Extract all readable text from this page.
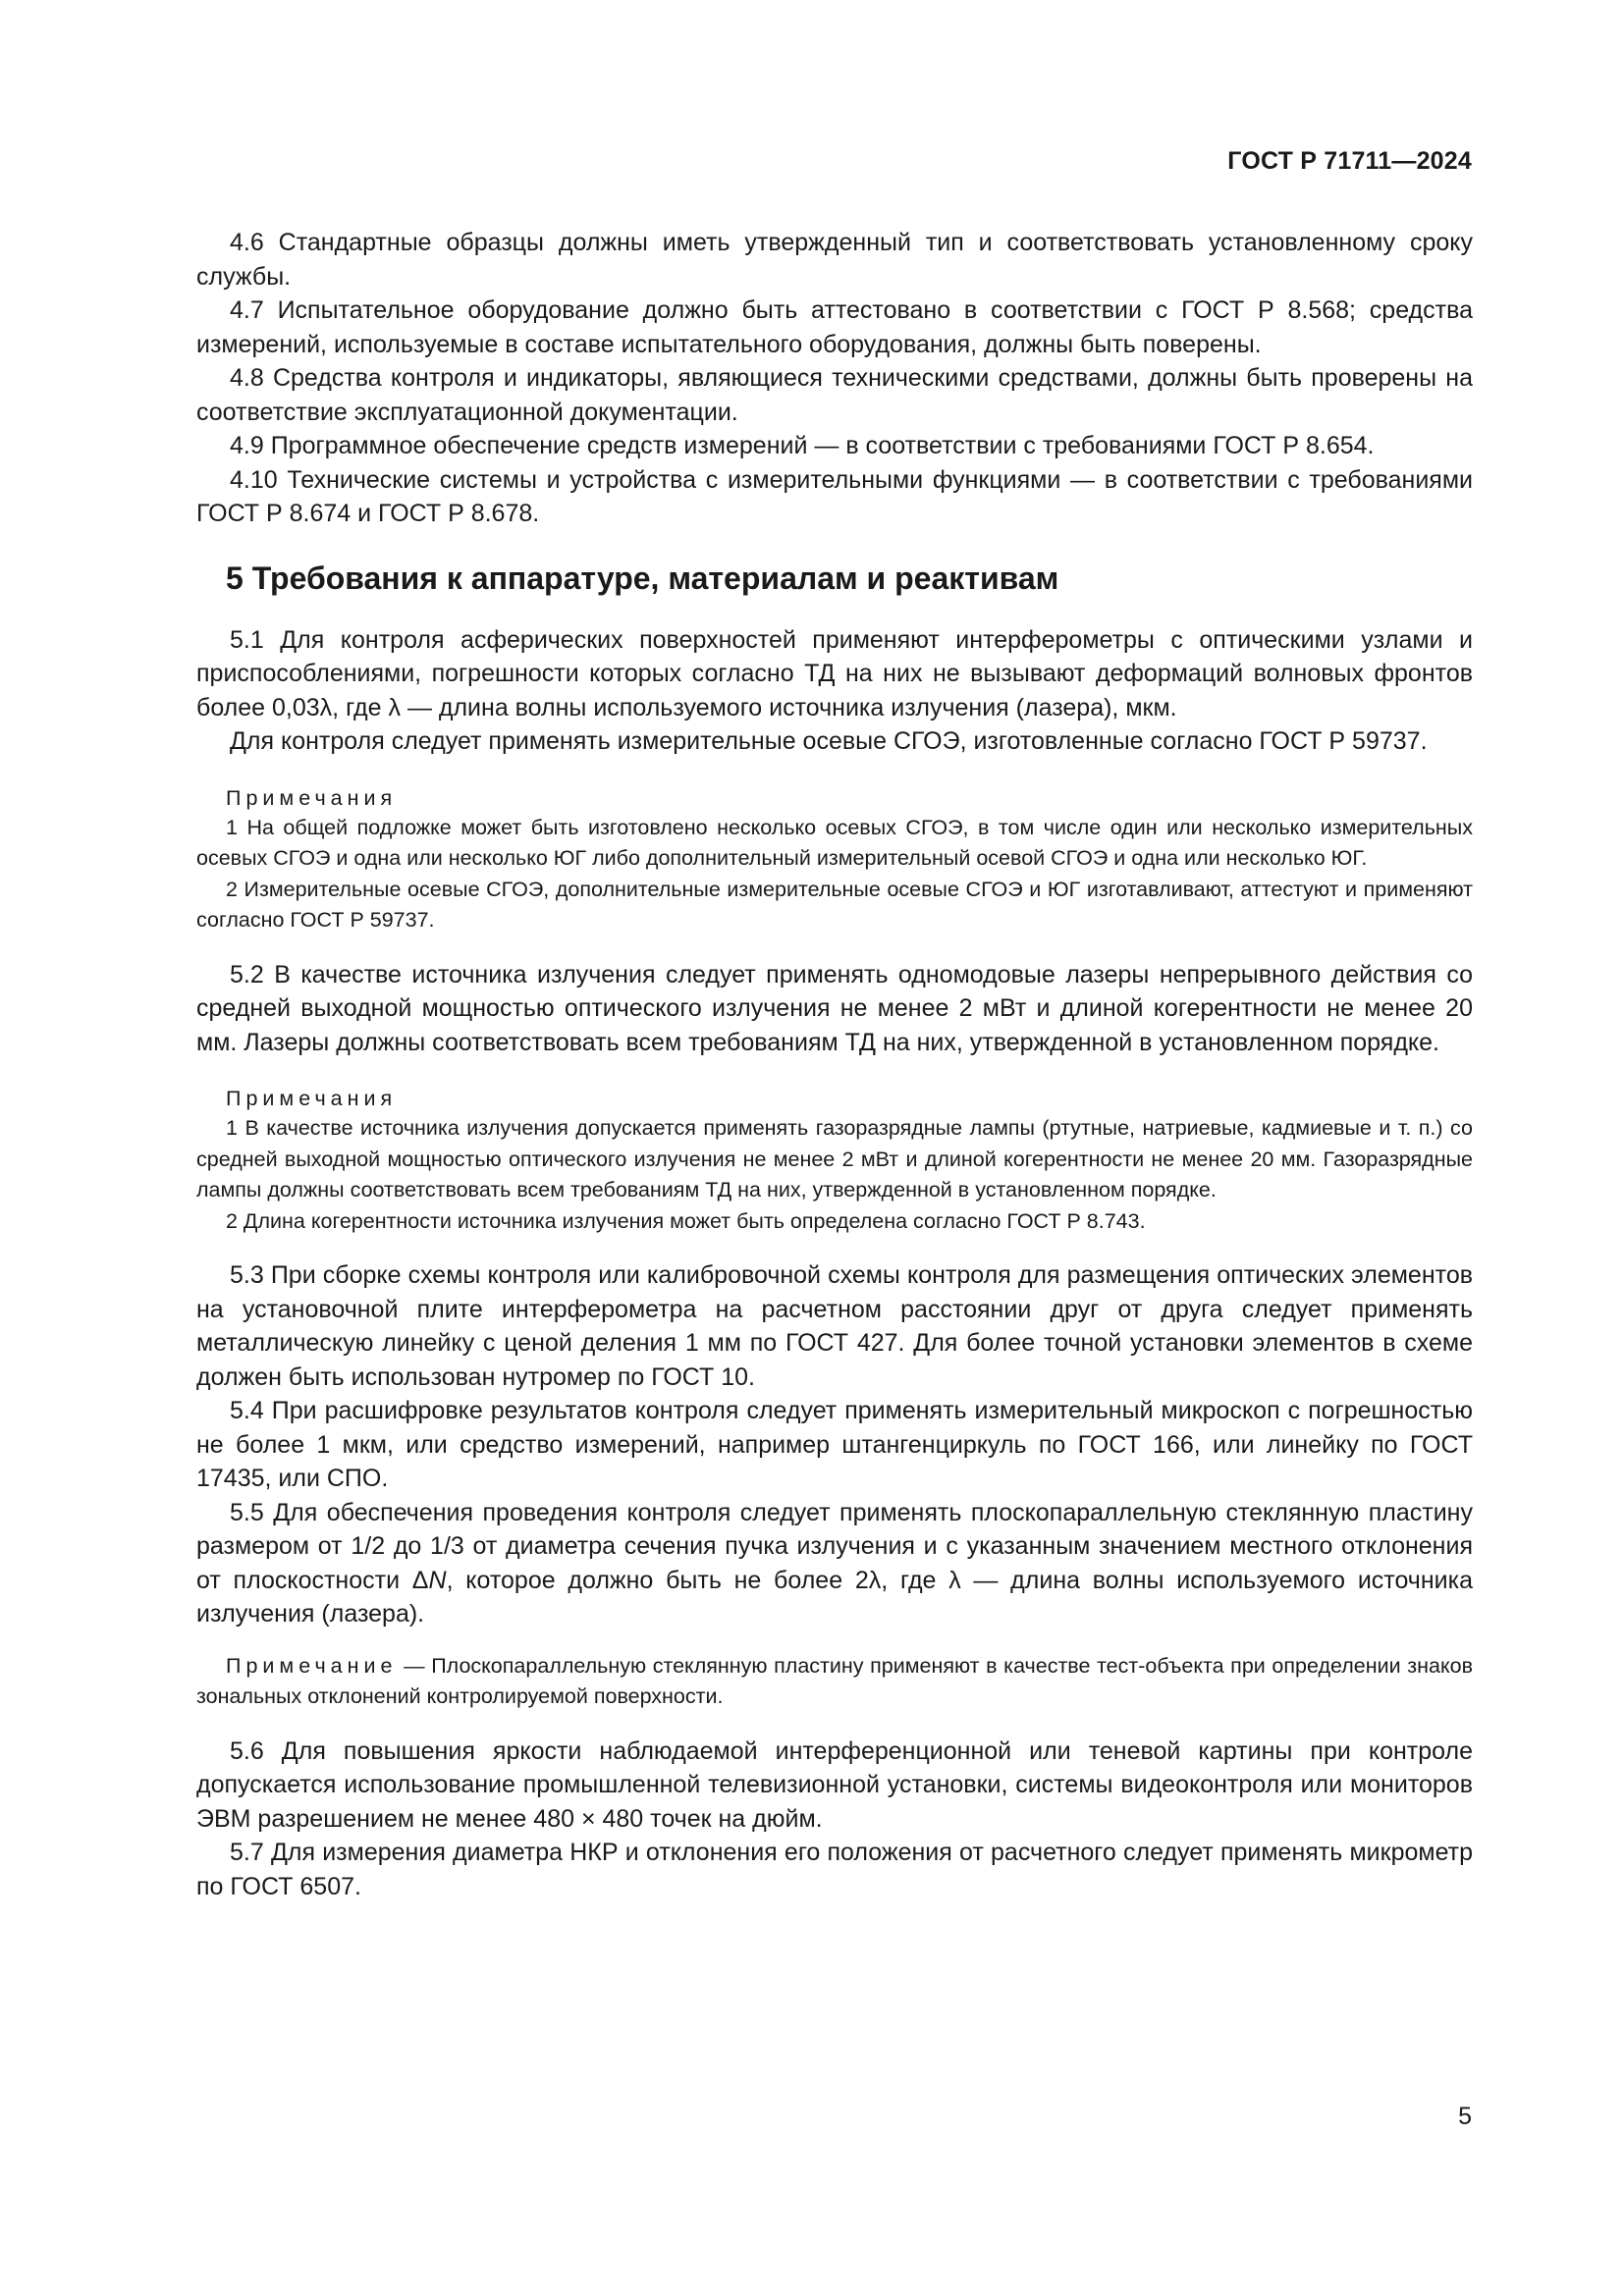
ГОСТ Р 71711—2024

4.6 Стандартные образцы должны иметь утвержденный тип и соответствовать установленному сроку службы.

4.7 Испытательное оборудование должно быть аттестовано в соответствии с ГОСТ Р 8.568; средства измерений, используемые в составе испытательного оборудования, должны быть поверены.

4.8 Средства контроля и индикаторы, являющиеся техническими средствами, должны быть проверены на соответствие эксплуатационной документации.

4.9 Программное обеспечение средств измерений — в соответствии с требованиями ГОСТ Р 8.654.

4.10 Технические системы и устройства с измерительными функциями — в соответствии с требованиями ГОСТ Р 8.674 и ГОСТ Р 8.678.

5 Требования к аппаратуре, материалам и реактивам

5.1 Для контроля асферических поверхностей применяют интерферометры с оптическими узлами и приспособлениями, погрешности которых согласно ТД на них не вызывают деформаций волновых фронтов более 0,03λ, где λ — длина волны используемого источника излучения (лазера), мкм.

Для контроля следует применять измерительные осевые СГОЭ, изготовленные согласно ГОСТ Р 59737.

Примечания

1 На общей подложке может быть изготовлено несколько осевых СГОЭ, в том числе один или несколько измерительных осевых СГОЭ и одна или несколько ЮГ либо дополнительный измерительный осевой СГОЭ и одна или несколько ЮГ.

2 Измерительные осевые СГОЭ, дополнительные измерительные осевые СГОЭ и ЮГ изготавливают, аттестуют и применяют согласно ГОСТ Р 59737.

5.2 В качестве источника излучения следует применять одномодовые лазеры непрерывного действия со средней выходной мощностью оптического излучения не менее 2 мВт и длиной когерентности не менее 20 мм. Лазеры должны соответствовать всем требованиям ТД на них, утвержденной в установленном порядке.

Примечания

1 В качестве источника излучения допускается применять газоразрядные лампы (ртутные, натриевые, кадмиевые и т. п.) со средней выходной мощностью оптического излучения не менее 2 мВт и длиной когерентности не менее 20 мм. Газоразрядные лампы должны соответствовать всем требованиям ТД на них, утвержденной в установленном порядке.

2 Длина когерентности источника излучения может быть определена согласно ГОСТ Р 8.743.

5.3 При сборке схемы контроля или калибровочной схемы контроля для размещения оптических элементов на установочной плите интерферометра на расчетном расстоянии друг от друга следует применять металлическую линейку с ценой деления 1 мм по ГОСТ 427. Для более точной установки элементов в схеме должен быть использован нутромер по ГОСТ 10.

5.4 При расшифровке результатов контроля следует применять измерительный микроскоп с погрешностью не более 1 мкм, или средство измерений, например штангенциркуль по ГОСТ 166, или линейку по ГОСТ 17435, или СПО.

5.5 Для обеспечения проведения контроля следует применять плоскопараллельную стеклянную пластину размером от 1/2 до 1/3 от диаметра сечения пучка излучения и с указанным значением местного отклонения от плоскостности ΔN, которое должно быть не более 2λ, где λ — длина волны используемого источника излучения (лазера).

Примечание — Плоскопараллельную стеклянную пластину применяют в качестве тест-объекта при определении знаков зональных отклонений контролируемой поверхности.

5.6 Для повышения яркости наблюдаемой интерференционной или теневой картины при контроле допускается использование промышленной телевизионной установки, системы видеоконтроля или мониторов ЭВМ разрешением не менее 480 × 480 точек на дюйм.

5.7 Для измерения диаметра НКР и отклонения его положения от расчетного следует применять микрометр по ГОСТ 6507.

5
